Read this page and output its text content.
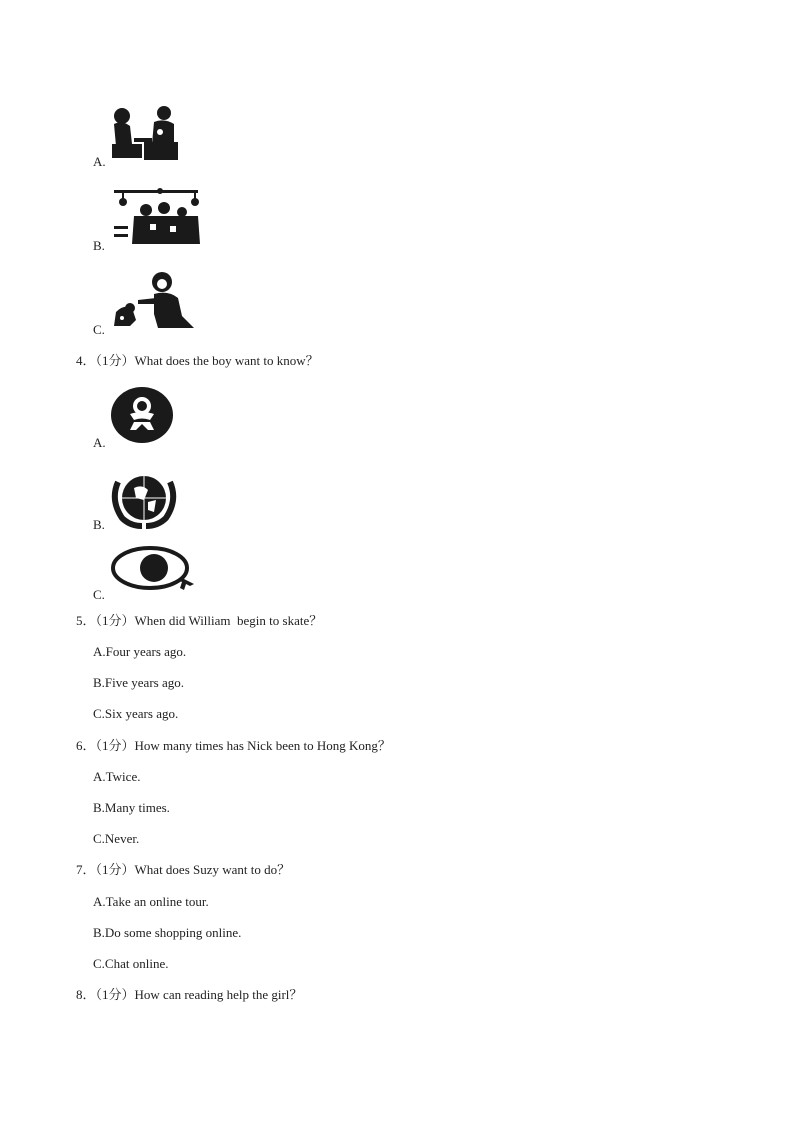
A.
B.
C.
4．（1分）What does the boy want to know？
A.
B.
C.
5．（1分）When did William  begin to skate？
A.Four years ago.
B.Five years ago.
C.Six years ago.
6．（1分）How many times has Nick been to Hong Kong？
A.Twice.
B.Many times.
C.Never.
7．（1分）What does Suzy want to do？
A.Take an online tour.
B.Do some shopping online.
C.Chat online.
8．（1分）How can reading help the girl？
